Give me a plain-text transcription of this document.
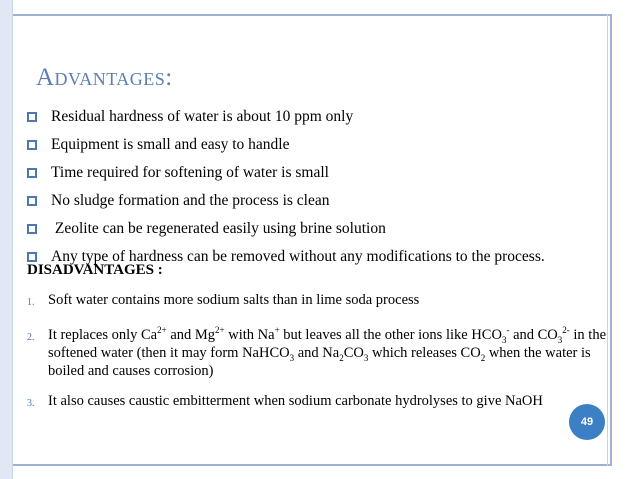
Advantages:
Residual hardness of water is about 10 ppm only
Equipment is small and easy to handle
Time required for softening of water is small
No sludge formation and the process is clean
Zeolite can be regenerated easily using brine solution
Any type of hardness can be removed without any modifications to the process.
DISADVANTAGES :
1. Soft water contains more sodium salts than in lime soda process
2. It replaces only $Ca^{2+}$ and $Mg^{2+}$ with Na+ but leaves all the other ions like $HCO_3^-$ and $CO_3^{2-}$ in the softened water (then it may form NaHCO$_3$ and $Na_2CO_3$ which releases $CO_2$ when the water is boiled and causes corrosion)
3. It also causes caustic embitterment when sodium carbonate hydrolyses to give NaOH
49
